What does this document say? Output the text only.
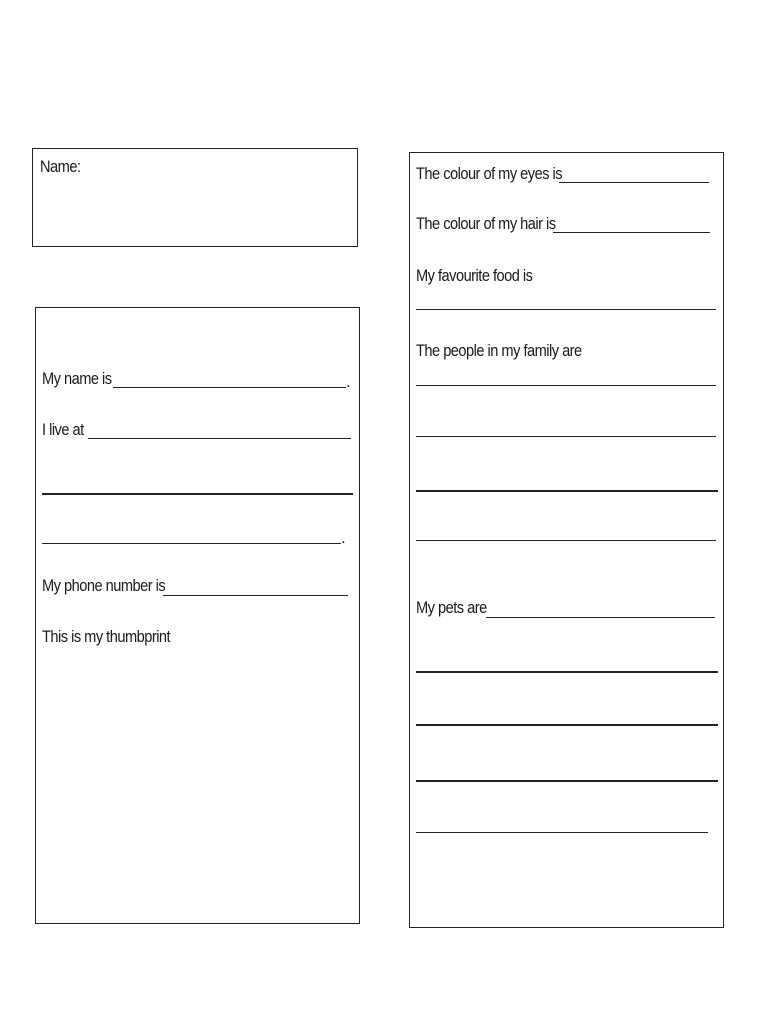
Name:
My name is	.
I live at
.
My phone number is
This is my thumbprint
The colour of my eyes is
The colour of my hair is
My favourite food is
The people in my family are
My pets are
